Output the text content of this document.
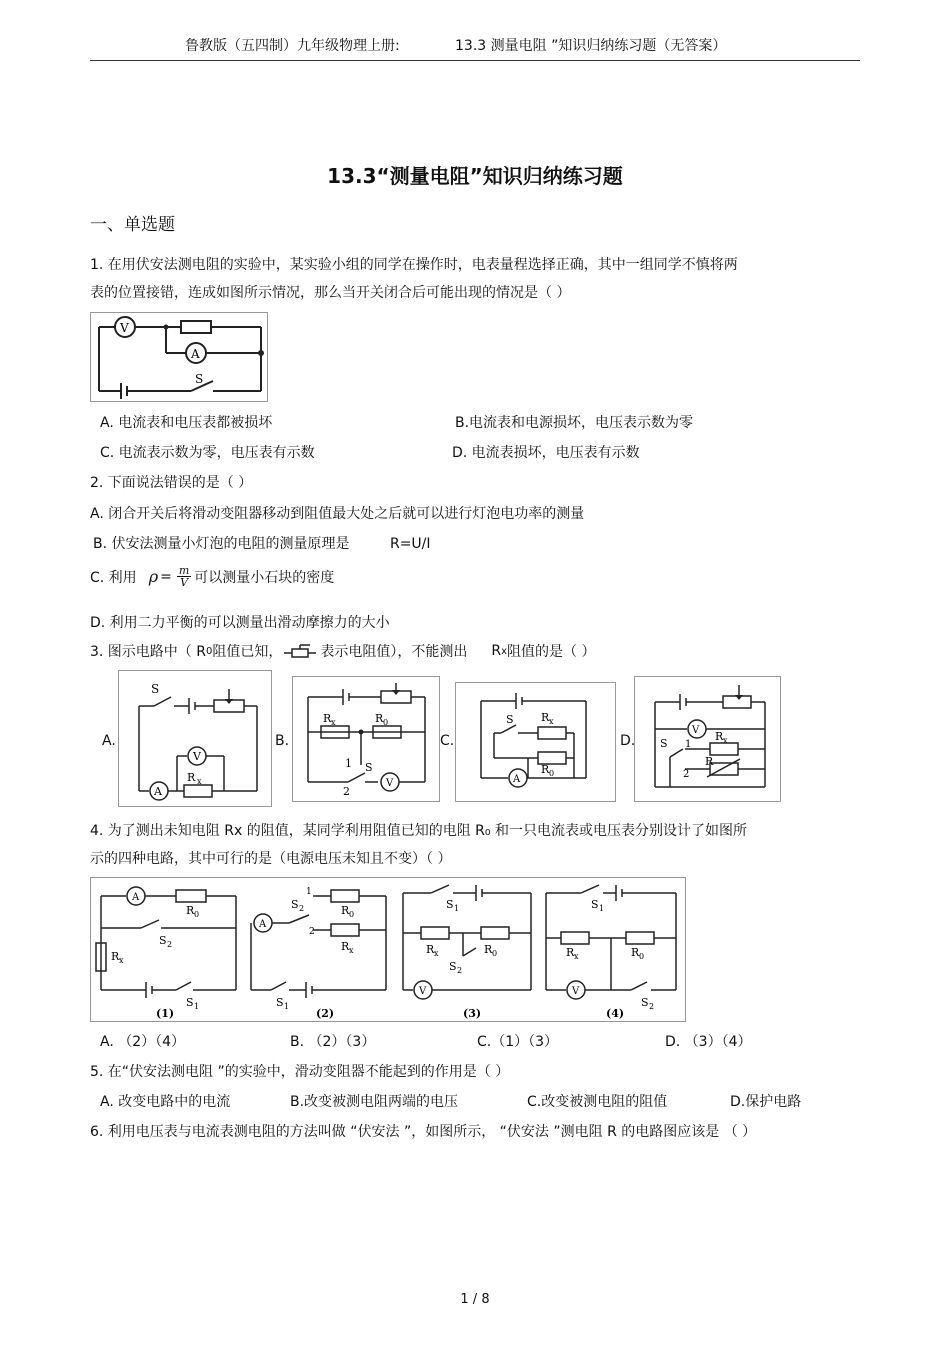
鲁教版（五四制）九年级物理上册:	13.3 测量电阻 ”知识归纳练习题（无答案）
13.3“测量电阻”知识归纳练习题
一、单选题
1. 在用伏安法测电阻的实验中，某实验小组的同学在操作时，电表量程选择正确，其中一组同学不慎将两
表的位置接错，连成如图所示情况，那么当开关闭合后可能出现的情况是（ ）
V
A
S
A. 电流表和电压表都被损坏	B.电流表和电源损坏，电压表示数为零
C. 电流表示数为零，电压表有示数	D. 电流表损坏，电压表有示数
2. 下面说法错误的是（ ）
A. 闭合开关后将滑动变阻器移动到阻值最大处之后就可以进行灯泡电功率的测量
B. 伏安法测量小灯泡的电阻的测量原理是	R=U/I
C. 利用 $\rho = \frac{m}{V}$ 可以测量小石块的密度
D. 利用二力平衡的可以测量出滑动摩擦力的大小
3. 图示电路中（ R 0 阻值已知，	表示电阻值），不能测出 R x 阻值的是（ ）
A.
S
A
V
R x
B.
R x	R 0
1 S
2
V
C.
S R x
R 0
A
D.
V
S 1
2
R x
R
4. 为了测出未知电阻 Rx 的阻值，某同学利用阻值已知的电阻 R₀ 和一只电流表或电压表分别设计了如图所
示的四种电路，其中可行的是（电源电压未知且不变）（ ）
A
R 0
S 2
R x
S 1
A
1
2
S 2	R 0
R x
S 1
S 1
R x	R 0
S 2
V
S 1
R x	R 0
V
S 2
(1)	(2)	(3)	(4)
A. （2）（4）	B. （2）（3）	C.（1）（3）	D. （3）（4）
5. 在“伏安法测电阻 ”的实验中，滑动变阻器不能起到的作用是（ ）
A. 改变电路中的电流	B.改变被测电阻两端的电压	C.改变被测电阻的阻值	D.保护电路
6. 利用电压表与电流表测电阻的方法叫做 “伏安法 ”，如图所示， “伏安法 ”测电阻 R 的电路图应该是 （ ）
1 / 8
